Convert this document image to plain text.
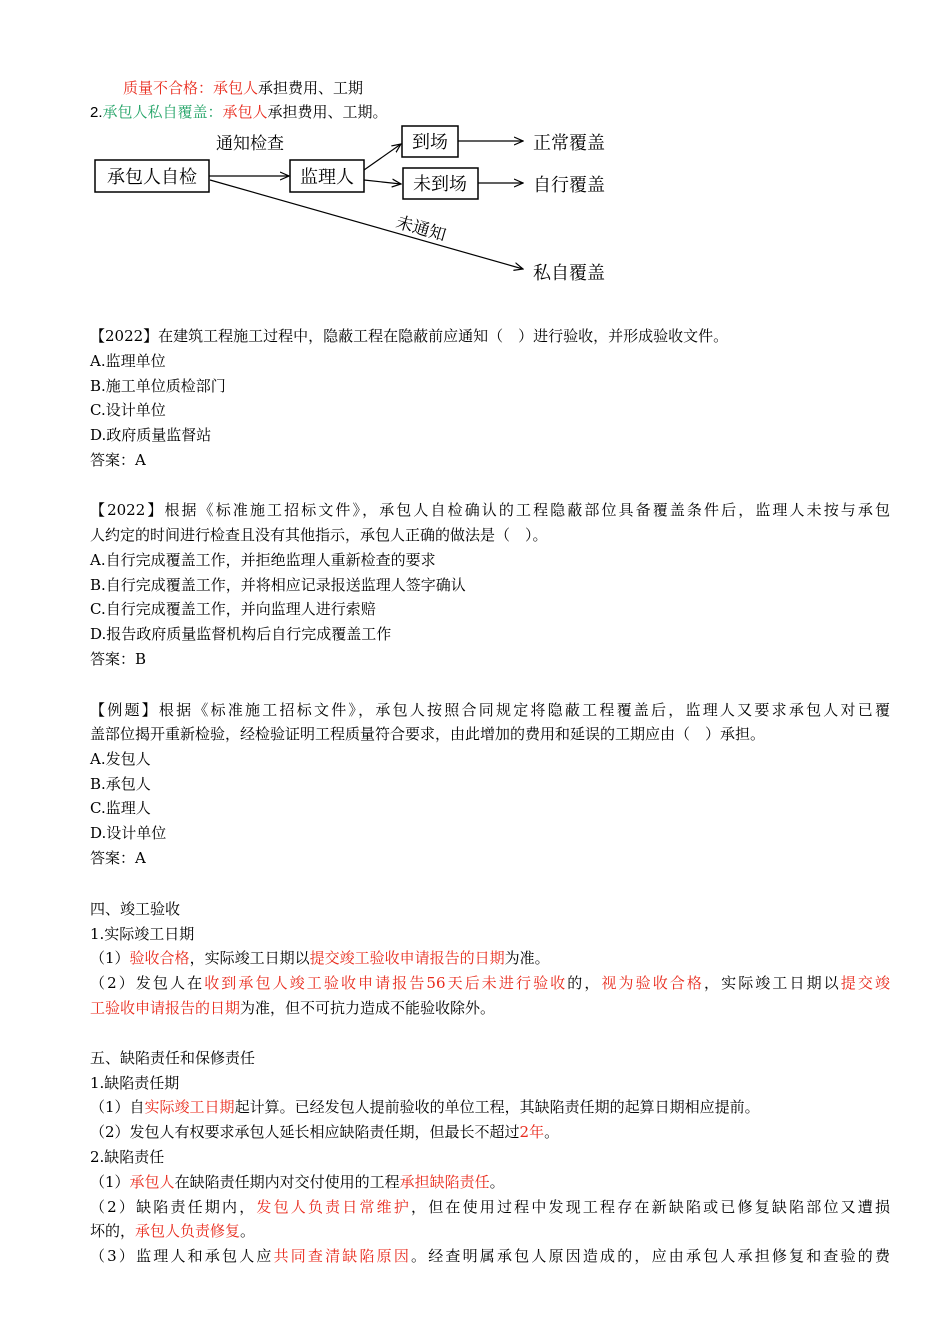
质量不合格：承包人承担费用、工期
2.承包人私自覆盖：承包人承担费用、工期。
承包人自检
通知检查
监理人
到场
未到场
正常覆盖
自行覆盖
未通知
私自覆盖
【2022】在建筑工程施工过程中，隐蔽工程在隐蔽前应通知（　）进行验收，并形成验收文件。
A.监理单位
B.施工单位质检部门
C.设计单位
D.政府质量监督站
答案：A
【2022】根据《标准施工招标文件》，承包人自检确认的工程隐蔽部位具备覆盖条件后，监理人未按与承包
人约定的时间进行检查且没有其他指示，承包人正确的做法是（　）。
A.自行完成覆盖工作，并拒绝监理人重新检查的要求
B.自行完成覆盖工作，并将相应记录报送监理人签字确认
C.自行完成覆盖工作，并向监理人进行索赔
D.报告政府质量监督机构后自行完成覆盖工作
答案：B
【例题】根据《标准施工招标文件》，承包人按照合同规定将隐蔽工程覆盖后，监理人又要求承包人对已覆
盖部位揭开重新检验，经检验证明工程质量符合要求，由此增加的费用和延误的工期应由（　）承担。
A.发包人
B.承包人
C.监理人
D.设计单位
答案：A
四、竣工验收
1.实际竣工日期
（1）验收合格，实际竣工日期以提交竣工验收申请报告的日期为准。
（2）发包人在收到承包人竣工验收申请报告56天后未进行验收的，视为验收合格，实际竣工日期以提交竣
工验收申请报告的日期为准，但不可抗力造成不能验收除外。
五、缺陷责任和保修责任
1.缺陷责任期
（1）自实际竣工日期起计算。已经发包人提前验收的单位工程，其缺陷责任期的起算日期相应提前。
（2）发包人有权要求承包人延长相应缺陷责任期，但最长不超过2年。
2.缺陷责任
（1）承包人在缺陷责任期内对交付使用的工程承担缺陷责任。
（2）缺陷责任期内，发包人负责日常维护，但在使用过程中发现工程存在新缺陷或已修复缺陷部位又遭损
坏的，承包人负责修复。
（3）监理人和承包人应共同查清缺陷原因。经查明属承包人原因造成的，应由承包人承担修复和查验的费
